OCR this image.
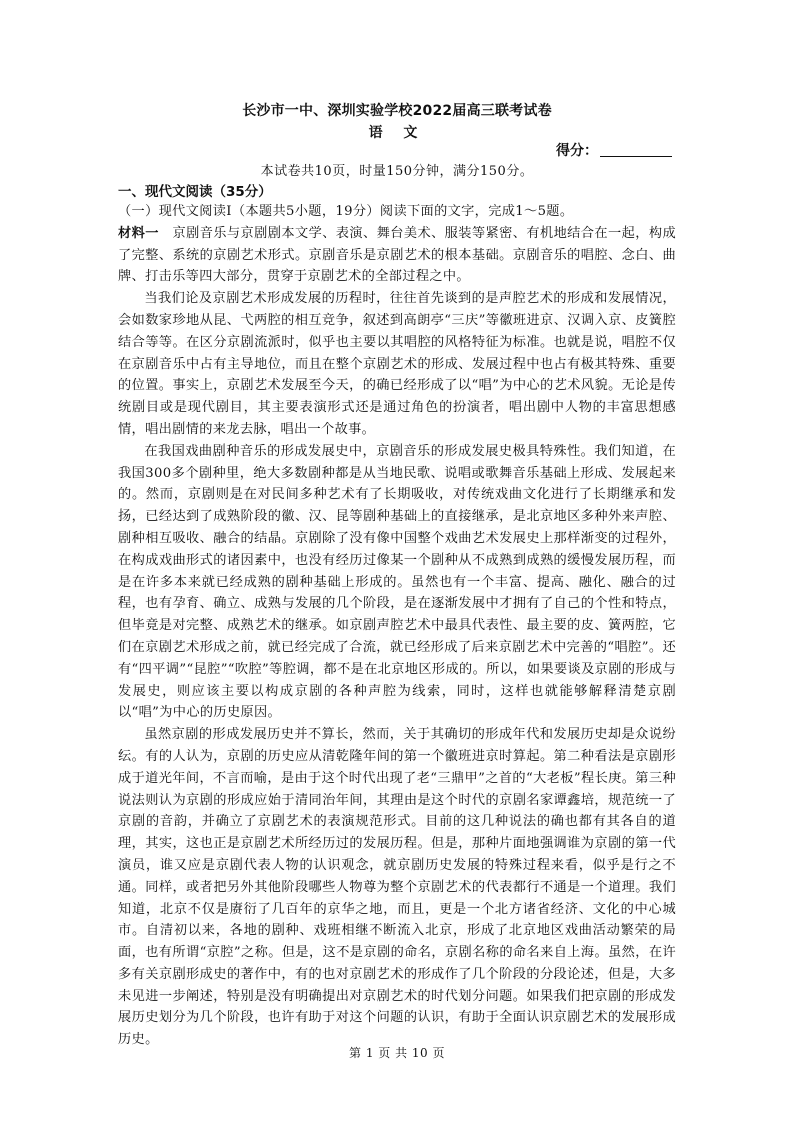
长沙市一中、深圳实验学校2022届高三联考试卷
语 文
得分：
本试卷共10页，时量150分钟，满分150分。
一、现代文阅读（35分）

（一）现代文阅读Ⅰ（本题共5小题，19分）阅读下面的文字，完成1～5题。

材料一　 京剧音乐与京剧剧本文学、表演、舞台美术、服装等紧密、有机地结合在一起，构成了完整、系统的京剧艺术形式。京剧音乐是京剧艺术的根本基础。京剧音乐的唱腔、念白、曲牌、打击乐等四大部分，贯穿于京剧艺术的全部过程之中。

当我们论及京剧艺术形成发展的历程时，往往首先谈到的是声腔艺术的形成和发展情况，会如数家珍地从昆、弋两腔的相互竞争，叙述到高朗亭“三庆”等徽班进京、汉调入京、皮簧腔结合等等。在区分京剧流派时，似乎也主要以其唱腔的风格特征为标准。也就是说，唱腔不仅在京剧音乐中占有主导地位，而且在整个京剧艺术的形成、发展过程中也占有极其特殊、重要的位置。事实上，京剧艺术发展至今天，的确已经形成了以“唱”为中心的艺术风貌。无论是传统剧目或是现代剧目，其主要表演形式还是通过角色的扮演者，唱出剧中人物的丰富思想感情，唱出剧情的来龙去脉，唱出一个故事。

在我国戏曲剧种音乐的形成发展史中，京剧音乐的形成发展史极具特殊性。我们知道，在我国300多个剧种里，绝大多数剧种都是从当地民歌、说唱或歌舞音乐基础上形成、发展起来的。然而，京剧则是在对民间多种艺术有了长期吸收，对传统戏曲文化进行了长期继承和发扬，已经达到了成熟阶段的徽、汉、昆等剧种基础上的直接继承，是北京地区多种外来声腔、剧种相互吸收、融合的结晶。京剧除了没有像中国整个戏曲艺术发展史上那样渐变的过程外，在构成戏曲形式的诸因素中，也没有经历过像某一个剧种从不成熟到成熟的缓慢发展历程，而是在许多本来就已经成熟的剧种基础上形成的。虽然也有一个丰富、提高、融化、融合的过程，也有孕育、确立、成熟与发展的几个阶段，是在逐渐发展中才拥有了自己的个性和特点，但毕竟是对完整、成熟艺术的继承。如京剧声腔艺术中最具代表性、最主要的皮、簧两腔，它们在京剧艺术形成之前，就已经完成了合流，就已经形成了后来京剧艺术中完善的“唱腔”。还有“四平调”“昆腔”“吹腔”等腔调，都不是在北京地区形成的。所以，如果要谈及京剧的形成与发展史，则应该主要以构成京剧的各种声腔为线索，同时，这样也就能够解释清楚京剧以“唱”为中心的历史原因。

虽然京剧的形成发展历史并不算长，然而，关于其确切的形成年代和发展历史却是众说纷纭。有的人认为，京剧的历史应从清乾隆年间的第一个徽班进京时算起。第二种看法是京剧形成于道光年间，不言而喻，是由于这个时代出现了老“三鼎甲”之首的“大老板”程长庚。第三种说法则认为京剧的形成应始于清同治年间，其理由是这个时代的京剧名家谭鑫培，规范统一了京剧的音韵，并确立了京剧艺术的表演规范形式。目前的这几种说法的确也都有其各自的道理，其实，这也正是京剧艺术所经历过的发展历程。但是，那种片面地强调谁为京剧的第一代演员，谁又应是京剧代表人物的认识观念，就京剧历史发展的特殊过程来看，似乎是行之不通。同样，或者把另外其他阶段哪些人物尊为整个京剧艺术的代表都行不通是一个道理。我们知道，北京不仅是赓衍了几百年的京华之地，而且，更是一个北方诸省经济、文化的中心城市。自清初以来，各地的剧种、戏班相继不断流入北京，形成了北京地区戏曲活动繁荣的局面，也有所谓“京腔”之称。但是，这不是京剧的命名，京剧名称的命名来自上海。虽然，在许多有关京剧形成史的著作中，有的也对京剧艺术的形成作了几个阶段的分段论述，但是，大多未见进一步阐述，特别是没有明确提出对京剧艺术的时代划分问题。如果我们把京剧的形成发展历史划分为几个阶段，也许有助于对这个问题的认识，有助于全面认识京剧艺术的发展形成历史。

第 1 页 共 10 页
